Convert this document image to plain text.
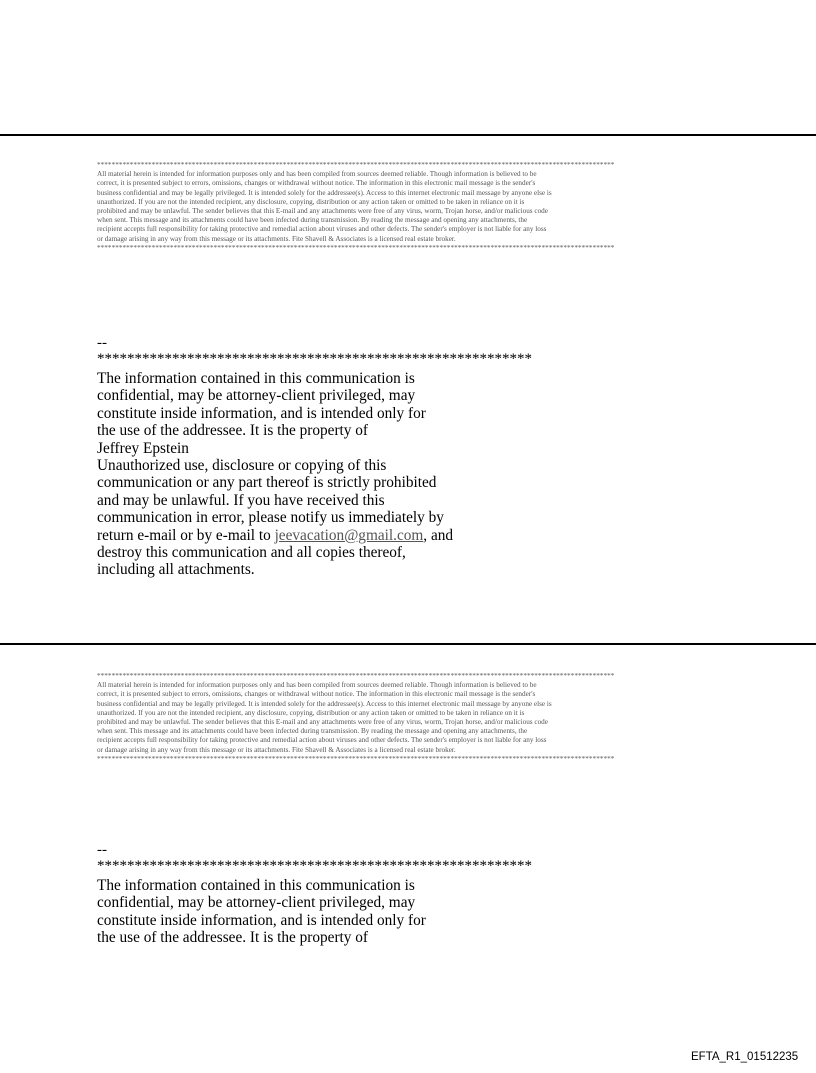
**********************************************************************************************************************************************

All material herein is intended for information purposes only and has been compiled from sources deemed reliable. Though information is believed to be

correct, it is presented subject to errors, omissions, changes or withdrawal without notice. The information in this electronic mail message is the sender's

business confidential and may be legally privileged. It is intended solely for the addressee(s). Access to this internet electronic mail message by anyone else is

unauthorized. If you are not the intended recipient, any disclosure, copying, distribution or any action taken or omitted to be taken in reliance on it is

prohibited and may be unlawful. The sender believes that this E-mail and any attachments were free of any virus, worm, Trojan horse, and/or malicious code

when sent. This message and its attachments could have been infected during transmission. By reading the message and opening any attachments, the

recipient accepts full responsibility for taking protective and remedial action about viruses and other defects. The sender's employer is not liable for any loss

or damage arising in any way from this message or its attachments. Fite Shavell & Associates is a licensed real estate broker.

**********************************************************************************************************************************************

--
**********************************************************

The information contained in this communication is

confidential, may be attorney-client privileged, may

constitute inside information, and is intended only for

the use of the addressee. It is the property of

Jeffrey Epstein

Unauthorized use, disclosure or copying of this

communication or any part thereof is strictly prohibited

and may be unlawful. If you have received this

communication in error, please notify us immediately by

return e-mail or by e-mail to jeevacation@gmail.com, and

destroy this communication and all copies thereof,

including all attachments.

**********************************************************************************************************************************************

All material herein is intended for information purposes only and has been compiled from sources deemed reliable. Though information is believed to be

correct, it is presented subject to errors, omissions, changes or withdrawal without notice. The information in this electronic mail message is the sender's

business confidential and may be legally privileged. It is intended solely for the addressee(s). Access to this internet electronic mail message by anyone else is

unauthorized. If you are not the intended recipient, any disclosure, copying, distribution or any action taken or omitted to be taken in reliance on it is

prohibited and may be unlawful. The sender believes that this E-mail and any attachments were free of any virus, worm, Trojan horse, and/or malicious code

when sent. This message and its attachments could have been infected during transmission. By reading the message and opening any attachments, the

recipient accepts full responsibility for taking protective and remedial action about viruses and other defects. The sender's employer is not liable for any loss

or damage arising in any way from this message or its attachments. Fite Shavell & Associates is a licensed real estate broker.

**********************************************************************************************************************************************

--
**********************************************************

The information contained in this communication is

confidential, may be attorney-client privileged, may

constitute inside information, and is intended only for

the use of the addressee. It is the property of

EFTA_R1_01512235
